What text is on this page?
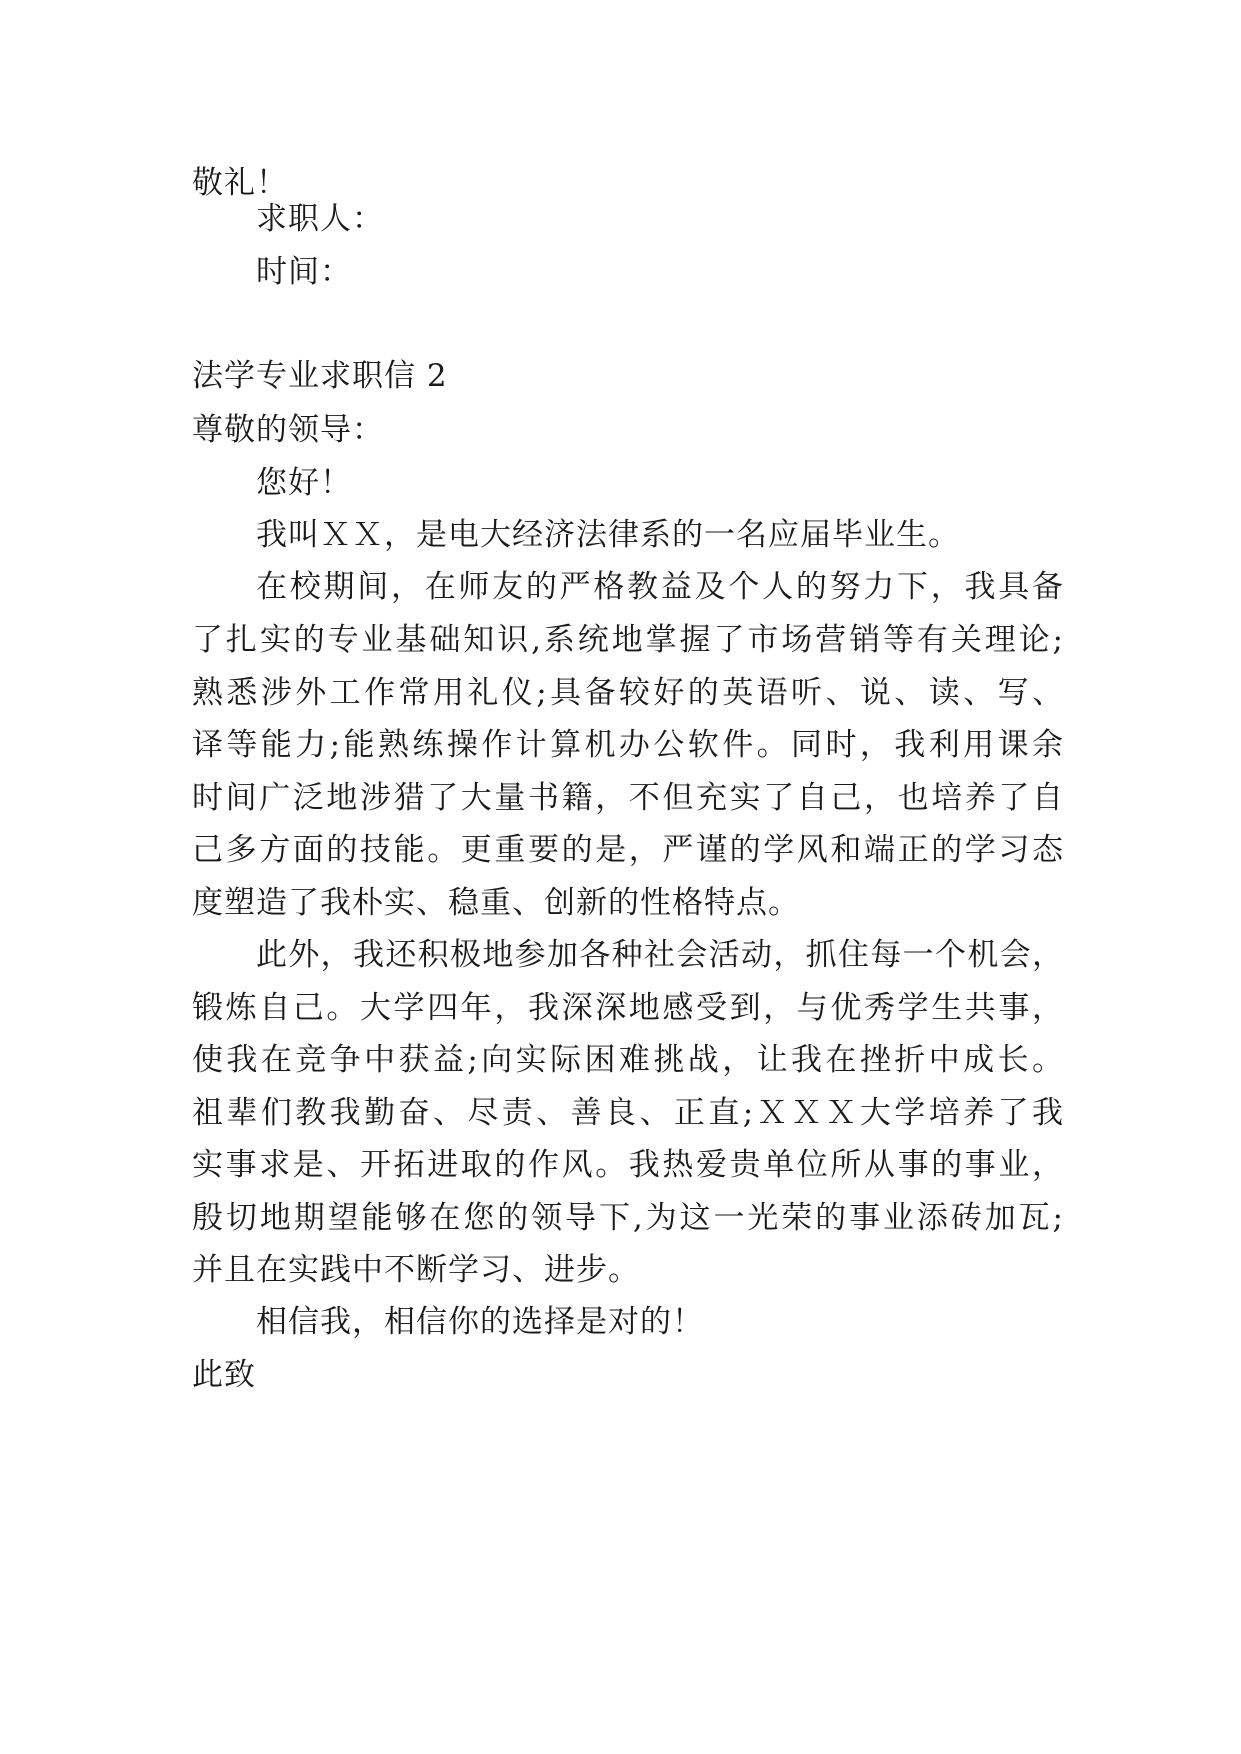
敬礼！
求职人：
时间：
法学专业求职信 2
尊敬的领导：
您好！
我叫ＸＸ，是电大经济法律系的一名应届毕业生。
在校期间，在师友的严格教益及个人的努力下，我具备
了扎实的专业基础知识,系统地掌握了市场营销等有关理论;
熟悉涉外工作常用礼仪;具备较好的英语听、说、读、写、
译等能力;能熟练操作计算机办公软件。同时，我利用课余
时间广泛地涉猎了大量书籍，不但充实了自己，也培养了自
己多方面的技能。更重要的是，严谨的学风和端正的学习态
度塑造了我朴实、稳重、创新的性格特点。
此外，我还积极地参加各种社会活动，抓住每一个机会，
锻炼自己。大学四年，我深深地感受到，与优秀学生共事，
使我在竞争中获益;向实际困难挑战，让我在挫折中成长。
祖辈们教我勤奋、尽责、善良、正直;ＸＸＸ大学培养了我
实事求是、开拓进取的作风。我热爱贵单位所从事的事业，
殷切地期望能够在您的领导下,为这一光荣的事业添砖加瓦;
并且在实践中不断学习、进步。
相信我，相信你的选择是对的！
此致
